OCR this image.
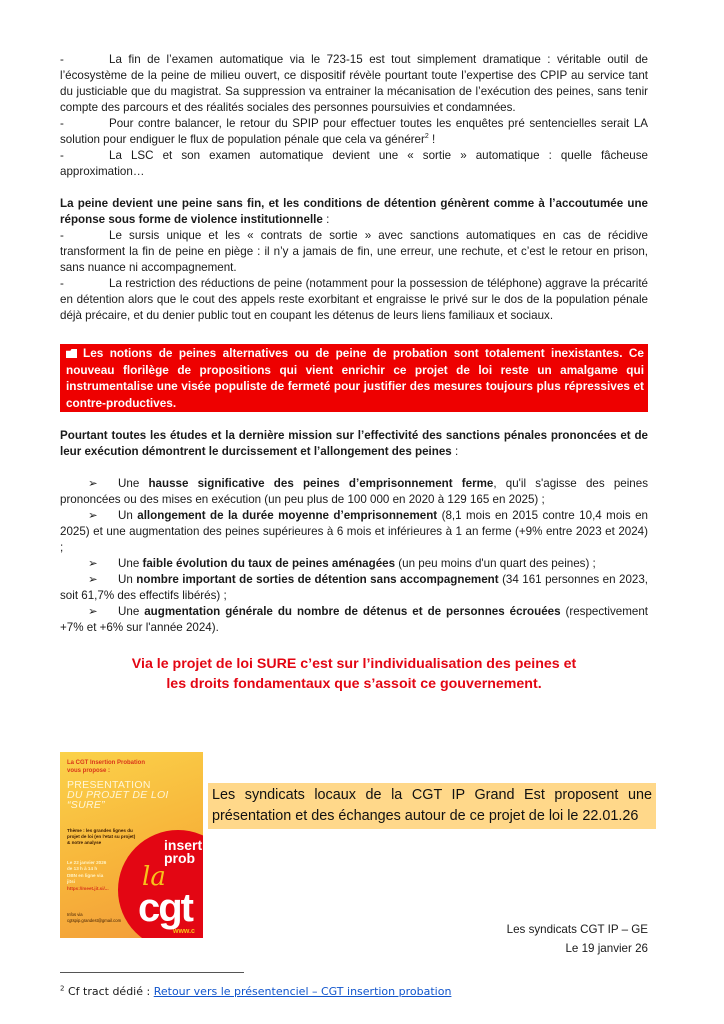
-	La fin de l’examen automatique via le 723-15 est tout simplement dramatique : véritable outil de l’écosystème de la peine de milieu ouvert, ce dispositif révèle pourtant toute l’expertise des CPIP au service tant du justiciable que du magistrat. Sa suppression va entrainer la mécanisation de l’exécution des peines, sans tenir compte des parcours et des réalités sociales des personnes poursuivies et condamnées.

-	Pour contre balancer, le retour du SPIP pour effectuer toutes les enquêtes pré sentencielles serait LA solution pour endiguer le flux de population pénale que cela va générer$^2$ !

-	La LSC et son examen automatique devient une « sortie » automatique : quelle fâcheuse approximation…

La peine devient une peine sans fin, et les conditions de détention génèrent comme à l’accoutumée une réponse sous forme de violence institutionnelle :

-	Le sursis unique et les « contrats de sortie » avec sanctions automatiques en cas de récidive transforment la fin de peine en piège : il n’y a jamais de fin, une erreur, une rechute, et c’est le retour en prison, sans nuance ni accompagnement.

-	La restriction des réductions de peine (notamment pour la possession de téléphone) aggrave la précarité en détention alors que le cout des appels reste exorbitant et engraisse le privé sur le dos de la population pénale déjà précaire, et du denier public tout en coupant les détenus de leurs liens familiaux et sociaux.

Les notions de peines alternatives ou de peine de probation sont totalement inexistantes. Ce nouveau florilège de propositions qui vient enrichir ce projet de loi reste un amalgame qui instrumentalise une visée populiste de fermeté pour justifier des mesures toujours plus répressives et contre-productives.

Pourtant toutes les études et la dernière mission sur l’effectivité des sanctions pénales prononcées et de leur exécution démontrent le durcissement et l’allongement des peines :

➢ Une hausse significative des peines d’emprisonnement ferme, qu'il s'agisse des peines prononcées ou des mises en exécution (un peu plus de 100 000 en 2020 à 129 165 en 2025) ;

➢ Un allongement de la durée moyenne d’emprisonnement (8,1 mois en 2015 contre 10,4 mois en 2025) et une augmentation des peines supérieures à 6 mois et inférieures à 1 an ferme (+9% entre 2023 et 2024) ;

➢ Une faible évolution du taux de peines aménagées (un peu moins d'un quart des peines) ;

➢ Un nombre important de sorties de détention sans accompagnement (34 161 personnes en 2023, soit 61,7% des effectifs libérés) ;

➢ Une augmentation générale du nombre de détenus et de personnes écrouées (respectivement +7% et +6% sur l'année 2024).

Via le projet de loi SURE c’est sur l’individualisation des peines et
les droits fondamentaux que s’assoit ce gouvernement.
La CGT Insertion Probation
vous propose :
PRESENTATION
DU PROJET DE LOI
“SURE”
Thème : les grandes lignes du projet de loi (en l'etat su projet) & notre analyse
Le 22 janvier 2026
de 13 h à 14 h
DBN en ligne via
jitsi
https://meet.jit.si/...
Infos via
cgtspip.grandest@gmail.com
insert
prob
la
cgt
www.c
Les syndicats locaux de la CGT IP Grand Est proposent une présentation et des échanges autour de ce projet de loi le 22.01.26
Les syndicats CGT IP – GE
Le 19 janvier 26
$^2$ Cf tract dédié : Retour vers le présentenciel – CGT insertion probation
